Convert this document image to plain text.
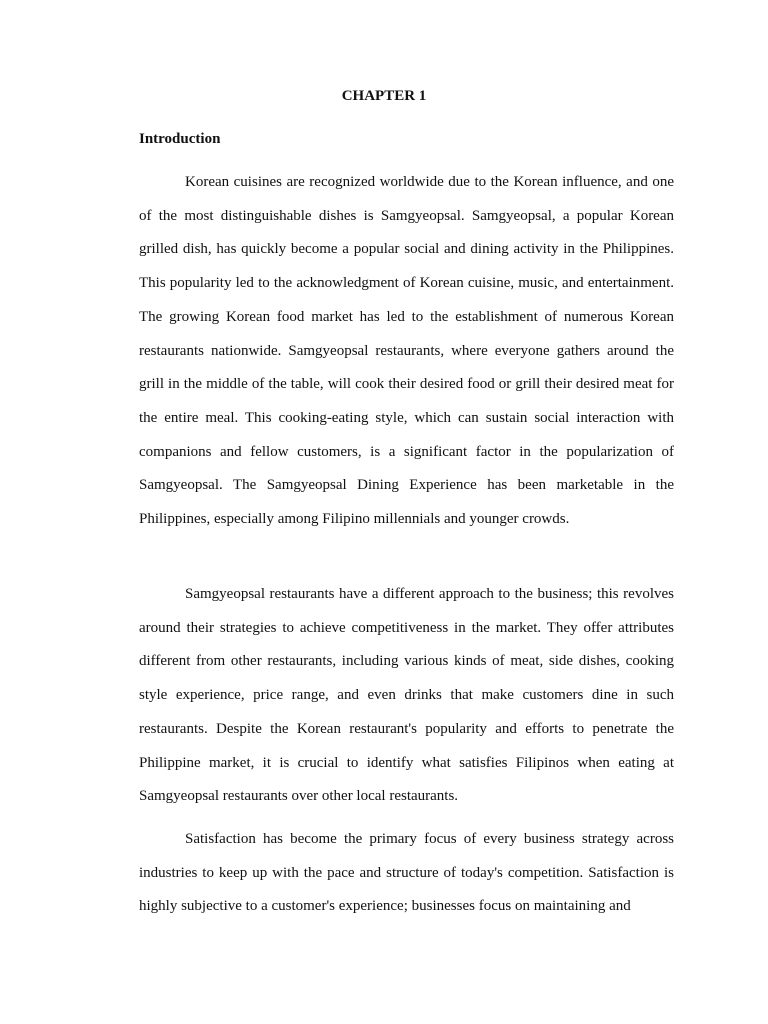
CHAPTER 1
Introduction

Korean cuisines are recognized worldwide due to the Korean influence, and one of the most distinguishable dishes is Samgyeopsal. Samgyeopsal, a popular Korean grilled dish, has quickly become a popular social and dining activity in the Philippines. This popularity led to the acknowledgment of Korean cuisine, music, and entertainment. The growing Korean food market has led to the establishment of numerous Korean restaurants nationwide. Samgyeopsal restaurants, where everyone gathers around the grill in the middle of the table, will cook their desired food or grill their desired meat for the entire meal. This cooking-eating style, which can sustain social interaction with companions and fellow customers, is a significant factor in the popularization of Samgyeopsal. The Samgyeopsal Dining Experience has been marketable in the Philippines, especially among Filipino millennials and younger crowds.

Samgyeopsal restaurants have a different approach to the business; this revolves around their strategies to achieve competitiveness in the market. They offer attributes different from other restaurants, including various kinds of meat, side dishes, cooking style experience, price range, and even drinks that make customers dine in such restaurants. Despite the Korean restaurant's popularity and efforts to penetrate the Philippine market, it is crucial to identify what satisfies Filipinos when eating at Samgyeopsal restaurants over other local restaurants.

Satisfaction has become the primary focus of every business strategy across industries to keep up with the pace and structure of today's competition. Satisfaction is highly subjective to a customer's experience; businesses focus on maintaining and
